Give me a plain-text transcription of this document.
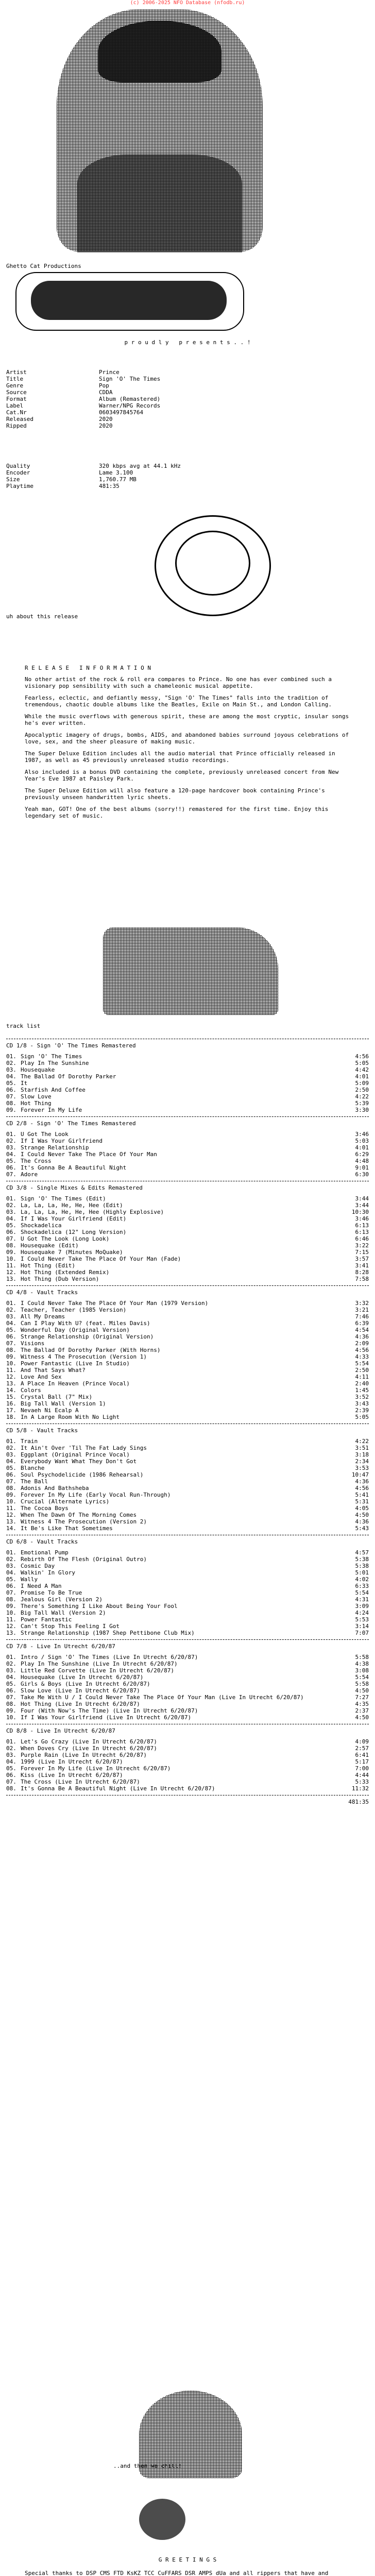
(c) 2006-2025 NFO Database (nfodb.ru)
Ghetto Cat Productions
p r o u d l y   p r e s e n t s . . !

Artist	Prince
Title	Sign 'O' The Times
Genre	Pop
Source	CDDA
Format	Album (Remastered)
Label	Warner/NPG Records
Cat.Nr	0603497845764
Released	2020
Ripped	2020

Quality	320 kbps avg at 44.1 kHz
Encoder	Lame 3.100
Size	1,760.77 MB
Playtime	481:35

uh about this release
R E L E A S E   I N F O R M A T I O N

No other artist of the rock & roll era compares to Prince. No one has ever combined such a visionary pop sensibility with such a chameleonic musical appetite.

Fearless, eclectic, and defiantly messy, "Sign 'O' The Times" falls into the tradition of tremendous, chaotic double albums like the Beatles, Exile on Main St., and London Calling.

While the music overflows with generous spirit, these are among the most cryptic, insular songs he's ever written.

Apocalyptic imagery of drugs, bombs, AIDS, and abandoned babies surround joyous celebrations of love, sex, and the sheer pleasure of making music.

The Super Deluxe Edition includes all the audio material that Prince officially released in 1987, as well as 45 previously unreleased studio recordings.

Also included is a bonus DVD containing the complete, previously unreleased concert from New Year's Eve 1987 at Paisley Park.

The Super Deluxe Edition will also feature a 120-page hardcover book containing Prince's previously unseen handwritten lyric sheets.

Yeah man, GOT! One of the best albums (sorry!!) remastered for the first time. Enjoy this legendary set of music.

track list
CD 1/8 - Sign 'O' The Times Remastered
01. Sign 'O' The Times	4:56
02. Play In The Sunshine	5:05
03. Housequake	4:42
04. The Ballad Of Dorothy Parker	4:01
05. It	5:09
06. Starfish And Coffee	2:50
07. Slow Love	4:22
08. Hot Thing	5:39
09. Forever In My Life	3:30
CD 2/8 - Sign 'O' The Times Remastered
01. U Got The Look	3:46
02. If I Was Your Girlfriend	5:03
03. Strange Relationship	4:01
04. I Could Never Take The Place Of Your Man	6:29
05. The Cross	4:48
06. It's Gonna Be A Beautiful Night	9:01
07. Adore	6:30
CD 3/8 - Single Mixes & Edits Remastered
01. Sign 'O' The Times (Edit)	3:44
02. La, La, La, He, He, Hee (Edit)	3:44
03. La, La, La, He, He, Hee (Highly Explosive)	10:30
04. If I Was Your Girlfriend (Edit)	3:46
05. Shockadelica	6:13
06. Shockadelica (12" Long Version)	6:13
07. U Got The Look (Long Look)	6:46
08. Housequake (Edit)	3:22
09. Housequake 7 (Minutes MoQuake)	7:15
10. I Could Never Take The Place Of Your Man (Fade)	3:57
11. Hot Thing (Edit)	3:41
12. Hot Thing (Extended Remix)	8:28
13. Hot Thing (Dub Version)	7:58
CD 4/8 - Vault Tracks
01. I Could Never Take The Place Of Your Man (1979 Version)	3:32
02. Teacher, Teacher (1985 Version)	3:21
03. All My Dreams	7:46
04. Can I Play With U? (feat. Miles Davis)	6:39
05. Wonderful Day (Original Version)	4:54
06. Strange Relationship (Original Version)	4:36
07. Visions	2:09
08. The Ballad Of Dorothy Parker (With Horns)	4:56
09. Witness 4 The Prosecution (Version 1)	4:33
10. Power Fantastic (Live In Studio)	5:54
11. And That Says What?	2:50
12. Love And Sex	4:11
13. A Place In Heaven (Prince Vocal)	2:40
14. Colors	1:45
15. Crystal Ball (7" Mix)	3:52
16. Big Tall Wall (Version 1)	3:43
17. Nevaeh Ni Ecalp A	2:39
18. In A Large Room With No Light	5:05
CD 5/8 - Vault Tracks
01. Train	4:22
02. It Ain't Over 'Til The Fat Lady Sings	3:51
03. Eggplant (Original Prince Vocal)	3:18
04. Everybody Want What They Don't Got	2:34
05. Blanche	3:53
06. Soul Psychodelicide (1986 Rehearsal)	10:47
07. The Ball	4:36
08. Adonis And Bathsheba	4:56
09. Forever In My Life (Early Vocal Run-Through)	5:41
10. Crucial (Alternate Lyrics)	5:31
11. The Cocoa Boys	4:05
12. When The Dawn Of The Morning Comes	4:50
13. Witness 4 The Prosecution (Version 2)	4:36
14. It Be's Like That Sometimes	5:43
CD 6/8 - Vault Tracks
01. Emotional Pump	4:57
02. Rebirth Of The Flesh (Original Outro)	5:38
03. Cosmic Day	5:38
04. Walkin' In Glory	5:01
05. Wally	4:02
06. I Need A Man	6:33
07. Promise To Be True	5:54
08. Jealous Girl (Version 2)	4:31
09. There's Something I Like About Being Your Fool	3:09
10. Big Tall Wall (Version 2)	4:24
11. Power Fantastic	5:53
12. Can't Stop This Feeling I Got	3:14
13. Strange Relationship (1987 Shep Pettibone Club Mix)	7:07
CD 7/8 - Live In Utrecht 6/20/87
01. Intro / Sign 'O' The Times (Live In Utrecht 6/20/87)	5:58
02. Play In The Sunshine (Live In Utrecht 6/20/87)	4:38
03. Little Red Corvette (Live In Utrecht 6/20/87)	3:08
04. Housequake (Live In Utrecht 6/20/87)	5:54
05. Girls & Boys (Live In Utrecht 6/20/87)	5:58
06. Slow Love (Live In Utrecht 6/20/87)	4:50
07. Take Me With U / I Could Never Take The Place Of Your Man (Live In Utrecht 6/20/87)	7:27
08. Hot Thing (Live In Utrecht 6/20/87)	4:35
09. Four (With Now's The Time) (Live In Utrecht 6/20/87)	2:37
10. If I Was Your Girlfriend (Live In Utrecht 6/20/87)	4:50
CD 8/8 - Live In Utrecht 6/20/87
01. Let's Go Crazy (Live In Utrecht 6/20/87)	4:09
02. When Doves Cry (Live In Utrecht 6/20/87)	2:57
03. Purple Rain (Live In Utrecht 6/20/87)	6:41
04. 1999 (Live In Utrecht 6/20/87)	5:17
05. Forever In My Life (Live In Utrecht 6/20/87)	7:00
06. Kiss (Live In Utrecht 6/20/87)	4:44
07. The Cross (Live In Utrecht 6/20/87)	5:33
08. It's Gonna Be A Beautiful Night (Live In Utrecht 6/20/87)	11:32
481:35
..and then we chill!
G R E E T I N G S
Special thanks to DSP CMS FTD KsKZ TCC CuFFARS DSR AMPS dUa and all rippers that have and
